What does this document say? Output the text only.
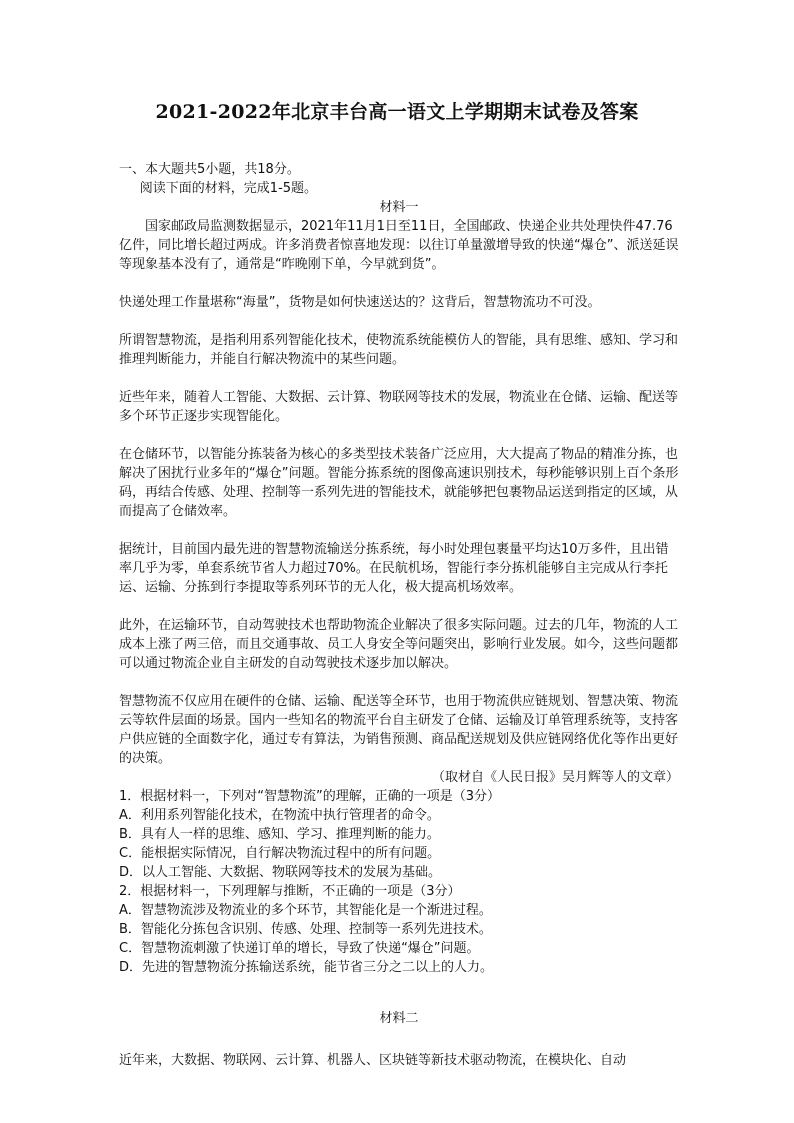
2021-2022年北京丰台高一语文上学期期末试卷及答案

一、本大题共5小题，共18分。

阅读下面的材料，完成1-5题。

材料一

国家邮政局监测数据显示，2021年11月1日至11日，全国邮政、快递企业共处理快件47.76亿件，同比增长超过两成。许多消费者惊喜地发现：以往订单量激增导致的快递“爆仓”、派送延误等现象基本没有了，通常是“昨晚刚下单，今早就到货”。

快递处理工作量堪称“海量”，货物是如何快速送达的？这背后，智慧物流功不可没。

所谓智慧物流，是指利用系列智能化技术，使物流系统能模仿人的智能，具有思维、感知、学习和推理判断能力，并能自行解决物流中的某些问题。

近些年来，随着人工智能、大数据、云计算、物联网等技术的发展，物流业在仓储、运输、配送等多个环节正逐步实现智能化。

在仓储环节，以智能分拣装备为核心的多类型技术装备广泛应用，大大提高了物品的精准分拣，也解决了困扰行业多年的“爆仓”问题。智能分拣系统的图像高速识别技术，每秒能够识别上百个条形码，再结合传感、处理、控制等一系列先进的智能技术，就能够把包裹物品运送到指定的区域，从而提高了仓储效率。

据统计，目前国内最先进的智慧物流输送分拣系统，每小时处理包裹量平均达10万多件，且出错率几乎为零，单套系统节省人力超过70%。在民航机场，智能行李分拣机能够自主完成从行李托运、运输、分拣到行李提取等系列环节的无人化，极大提高机场效率。

此外，在运输环节，自动驾驶技术也帮助物流企业解决了很多实际问题。过去的几年，物流的人工成本上涨了两三倍，而且交通事故、员工人身安全等问题突出，影响行业发展。如今，这些问题都可以通过物流企业自主研发的自动驾驶技术逐步加以解决。

智慧物流不仅应用在硬件的仓储、运输、配送等全环节，也用于物流供应链规划、智慧决策、物流云等软件层面的场景。国内一些知名的物流平台自主研发了仓储、运输及订单管理系统等，支持客户供应链的全面数字化，通过专有算法，为销售预测、商品配送规划及供应链网络优化等作出更好的决策。

（取材自《人民日报》吴月辉等人的文章）

1．根据材料一，下列对“智慧物流”的理解，正确的一项是（3分）

A．利用系列智能化技术，在物流中执行管理者的命令。

B．具有人一样的思维、感知、学习、推理判断的能力。

C．能根据实际情况，自行解决物流过程中的所有问题。

D．以人工智能、大数据、物联网等技术的发展为基础。

2．根据材料一，下列理解与推断，不正确的一项是（3分）

A．智慧物流涉及物流业的多个环节，其智能化是一个渐进过程。

B．智能化分拣包含识别、传感、处理、控制等一系列先进技术。

C．智慧物流刺激了快递订单的增长，导致了快递“爆仓”问题。

D．先进的智慧物流分拣输送系统，能节省三分之二以上的人力。

材料二

近年来，大数据、物联网、云计算、机器人、区块链等新技术驱动物流，在模块化、自动
